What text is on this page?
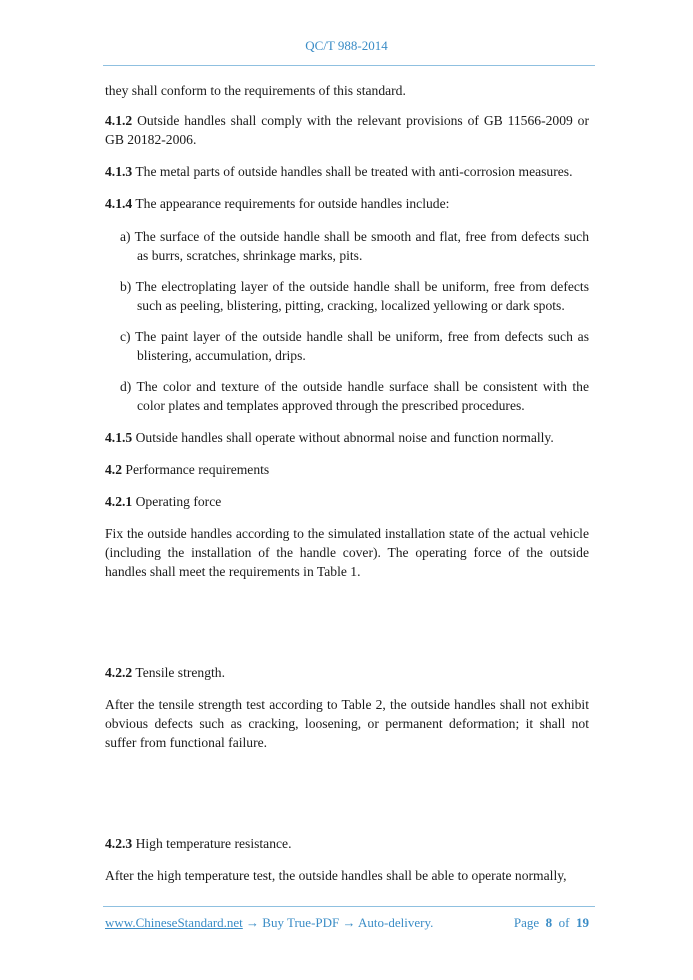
QC/T 988-2014
they shall conform to the requirements of this standard.
4.1.2 Outside handles shall comply with the relevant provisions of GB 11566-2009 or GB 20182-2006.
4.1.3 The metal parts of outside handles shall be treated with anti-corrosion measures.
4.1.4 The appearance requirements for outside handles include:
a) The surface of the outside handle shall be smooth and flat, free from defects such as burrs, scratches, shrinkage marks, pits.
b) The electroplating layer of the outside handle shall be uniform, free from defects such as peeling, blistering, pitting, cracking, localized yellowing or dark spots.
c) The paint layer of the outside handle shall be uniform, free from defects such as blistering, accumulation, drips.
d) The color and texture of the outside handle surface shall be consistent with the color plates and templates approved through the prescribed procedures.
4.1.5 Outside handles shall operate without abnormal noise and function normally.
4.2 Performance requirements
4.2.1 Operating force
Fix the outside handles according to the simulated installation state of the actual vehicle (including the installation of the handle cover). The operating force of the outside handles shall meet the requirements in Table 1.
4.2.2 Tensile strength.
After the tensile strength test according to Table 2, the outside handles shall not exhibit obvious defects such as cracking, loosening, or permanent deformation; it shall not suffer from functional failure.
4.2.3 High temperature resistance.
After the high temperature test, the outside handles shall be able to operate normally,
www.ChineseStandard.net → Buy True-PDF → Auto-delivery.	Page 8 of 19
